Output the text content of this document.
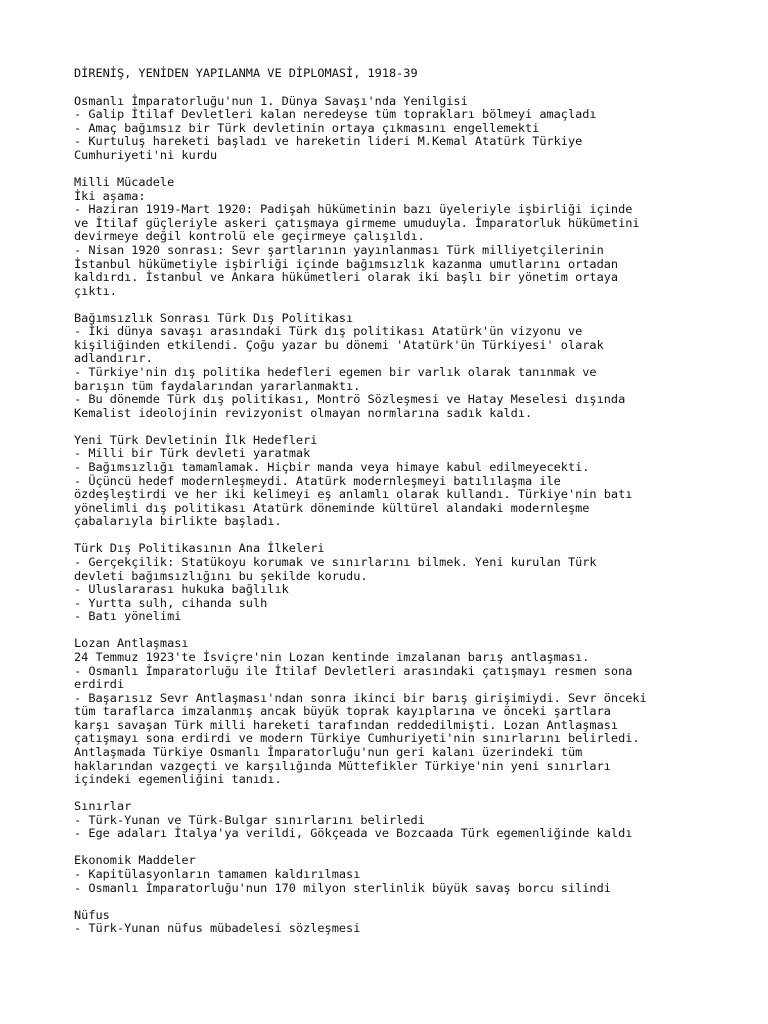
DİRENİŞ, YENİDEN YAPILANMA VE DİPLOMASİ, 1918-39
Osmanlı İmparatorluğu'nun 1. Dünya Savaşı'nda Yenilgisi
- Galip İtilaf Devletleri kalan neredeyse tüm toprakları bölmeyi amaçladı
- Amaç bağımsız bir Türk devletinin ortaya çıkmasını engellemekti
- Kurtuluş hareketi başladı ve hareketin lideri M.Kemal Atatürk Türkiye
Cumhuriyeti'ni kurdu
Milli Mücadele
İki aşama:
- Haziran 1919-Mart 1920: Padişah hükümetinin bazı üyeleriyle işbirliği içinde
ve İtilaf güçleriyle askeri çatışmaya girmeme umuduyla. İmparatorluk hükümetini
devirmeye değil kontrolü ele geçirmeye çalışıldı.
- Nisan 1920 sonrası: Sevr şartlarının yayınlanması Türk milliyetçilerinin
İstanbul hükümetiyle işbirliği içinde bağımsızlık kazanma umutlarını ortadan
kaldırdı. İstanbul ve Ankara hükümetleri olarak iki başlı bir yönetim ortaya
çıktı.
Bağımsızlık Sonrası Türk Dış Politikası
- İki dünya savaşı arasındaki Türk dış politikası Atatürk'ün vizyonu ve
kişiliğinden etkilendi. Çoğu yazar bu dönemi 'Atatürk'ün Türkiyesi' olarak
adlandırır.
- Türkiye'nin dış politika hedefleri egemen bir varlık olarak tanınmak ve
barışın tüm faydalarından yararlanmaktı.
- Bu dönemde Türk dış politikası, Montrö Sözleşmesi ve Hatay Meselesi dışında
Kemalist ideolojinin revizyonist olmayan normlarına sadık kaldı.
Yeni Türk Devletinin İlk Hedefleri
- Milli bir Türk devleti yaratmak
- Bağımsızlığı tamamlamak. Hiçbir manda veya himaye kabul edilmeyecekti.
- Üçüncü hedef modernleşmeydi. Atatürk modernleşmeyi batılılaşma ile
özdeşleştirdi ve her iki kelimeyi eş anlamlı olarak kullandı. Türkiye'nin batı
yönelimli dış politikası Atatürk döneminde kültürel alandaki modernleşme
çabalarıyla birlikte başladı.
Türk Dış Politikasının Ana İlkeleri
- Gerçekçilik: Statükoyu korumak ve sınırlarını bilmek. Yeni kurulan Türk
devleti bağımsızlığını bu şekilde korudu.
- Uluslararası hukuka bağlılık
- Yurtta sulh, cihanda sulh
- Batı yönelimi
Lozan Antlaşması
24 Temmuz 1923'te İsviçre'nin Lozan kentinde imzalanan barış antlaşması.
- Osmanlı İmparatorluğu ile İtilaf Devletleri arasındaki çatışmayı resmen sona
erdirdi
- Başarısız Sevr Antlaşması'ndan sonra ikinci bir barış girişimiydi. Sevr önceki
tüm taraflarca imzalanmış ancak büyük toprak kayıplarına ve önceki şartlara
karşı savaşan Türk milli hareketi tarafından reddedilmişti. Lozan Antlaşması
çatışmayı sona erdirdi ve modern Türkiye Cumhuriyeti'nin sınırlarını belirledi.
Antlaşmada Türkiye Osmanlı İmparatorluğu'nun geri kalanı üzerindeki tüm
haklarından vazgeçti ve karşılığında Müttefikler Türkiye'nin yeni sınırları
içindeki egemenliğini tanıdı.
Sınırlar
- Türk-Yunan ve Türk-Bulgar sınırlarını belirledi
- Ege adaları İtalya'ya verildi, Gökçeada ve Bozcaada Türk egemenliğinde kaldı
Ekonomik Maddeler
- Kapitülasyonların tamamen kaldırılması
- Osmanlı İmparatorluğu'nun 170 milyon sterlinlik büyük savaş borcu silindi
Nüfus
- Türk-Yunan nüfus mübadelesi sözleşmesi
